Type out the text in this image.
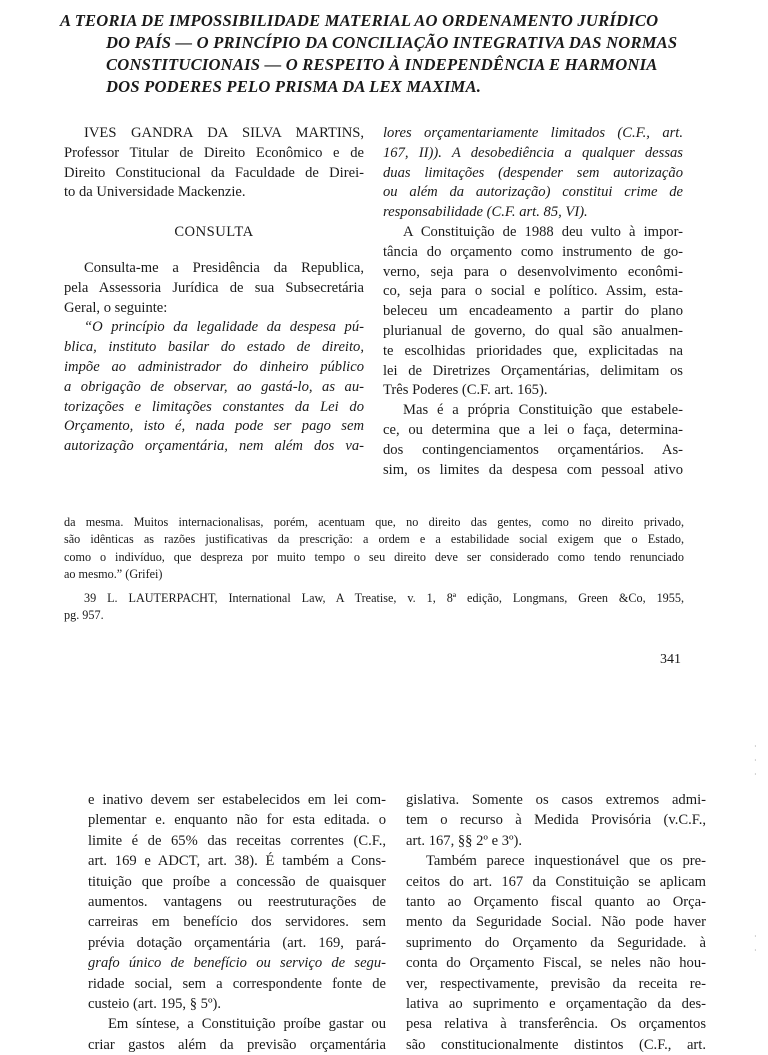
A TEORIA DE IMPOSSIBILIDADE MATERIAL AO ORDENAMENTO JURÍDICO
DO PAÍS — O PRINCÍPIO DA CONCILIAÇÃO INTEGRATIVA DAS NORMAS
CONSTITUCIONAIS — O RESPEITO À INDEPENDÊNCIA E HARMONIA
DOS PODERES PELO PRISMA DA LEX MAXIMA.
IVES GANDRA DA SILVA MARTINS,
Professor Titular de Direito Econômico e de
Direito Constitucional da Faculdade de Direi-
to da Universidade Mackenzie.
CONSULTA
Consulta-me a Presidência da Republica,
pela Assessoria Jurídica de sua Subsecretária
Geral, o seguinte:
“O princípio da legalidade da despesa pú-
blica, instituto basilar do estado de direito,
impõe ao administrador do dinheiro público
a obrigação de observar, ao gastá-lo, as au-
torizações e limitações constantes da Lei do
Orçamento, isto é, nada pode ser pago sem
autorização orçamentária, nem além dos va-
lores orçamentariamente limitados (C.F., art.
167, II)). A desobediência a qualquer dessas
duas limitações (despender sem autorização
ou além da autorização) constitui crime de
responsabilidade (C.F. art. 85, VI).
A Constituição de 1988 deu vulto à impor-
tância do orçamento como instrumento de go-
verno, seja para o desenvolvimento econômi-
co, seja para o social e político. Assim, esta-
beleceu um encadeamento a partir do plano
plurianual de governo, do qual são anualmen-
te escolhidas prioridades que, explicitadas na
lei de Diretrizes Orçamentárias, delimitam os
Três Poderes (C.F. art. 165).
Mas é a própria Constituição que estabele-
ce, ou determina que a lei o faça, determina-
dos contingenciamentos orçamentários. As-
sim, os limites da despesa com pessoal ativo
da mesma. Muitos internacionalisas, porém, acentuam que, no direito das gentes, como no direito privado,
são idênticas as razões justificativas da prescrição: a ordem e a estabilidade social exigem que o Estado,
como o indivíduo, que despreza por muito tempo o seu direito deve ser considerado como tendo renunciado
ao mesmo.” (Grifei)
39 L. LAUTERPACHT, International Law, A Treatise, v. 1, 8ª edição, Longmans, Green &Co, 1955,
pg. 957.
341
·
·
·
·
·
e inativo devem ser estabelecidos em lei com-
plementar e. enquanto não for esta editada. o
limite é de 65% das receitas correntes (C.F.,
art. 169 e ADCT, art. 38). É também a Cons-
tituição que proíbe a concessão de quaisquer
aumentos. vantagens ou reestruturações de
carreiras em benefício dos servidores. sem
prévia dotação orçamentária (art. 169, pará-
grafo único de benefício ou serviço de segu-
ridade social, sem a correspondente fonte de
custeio (art. 195, § 5º).
Em síntese, a Constituição proíbe gastar ou
criar gastos além da previsão orçamentária
gislativa. Somente os casos extremos admi-
tem o recurso à Medida Provisória (v.C.F.,
art. 167, §§ 2º e 3º).
Também parece inquestionável que os pre-
ceitos do art. 167 da Constituição se aplicam
tanto ao Orçamento fiscal quanto ao Orça-
mento da Seguridade Social. Não pode haver
suprimento do Orçamento da Seguridade. à
conta do Orçamento Fiscal, se neles não hou-
ver, respectivamente, previsão da receita re-
lativa ao suprimento e orçamentação da des-
pesa relativa à transferência. Os orçamentos
são constitucionalmente distintos (C.F., art.
